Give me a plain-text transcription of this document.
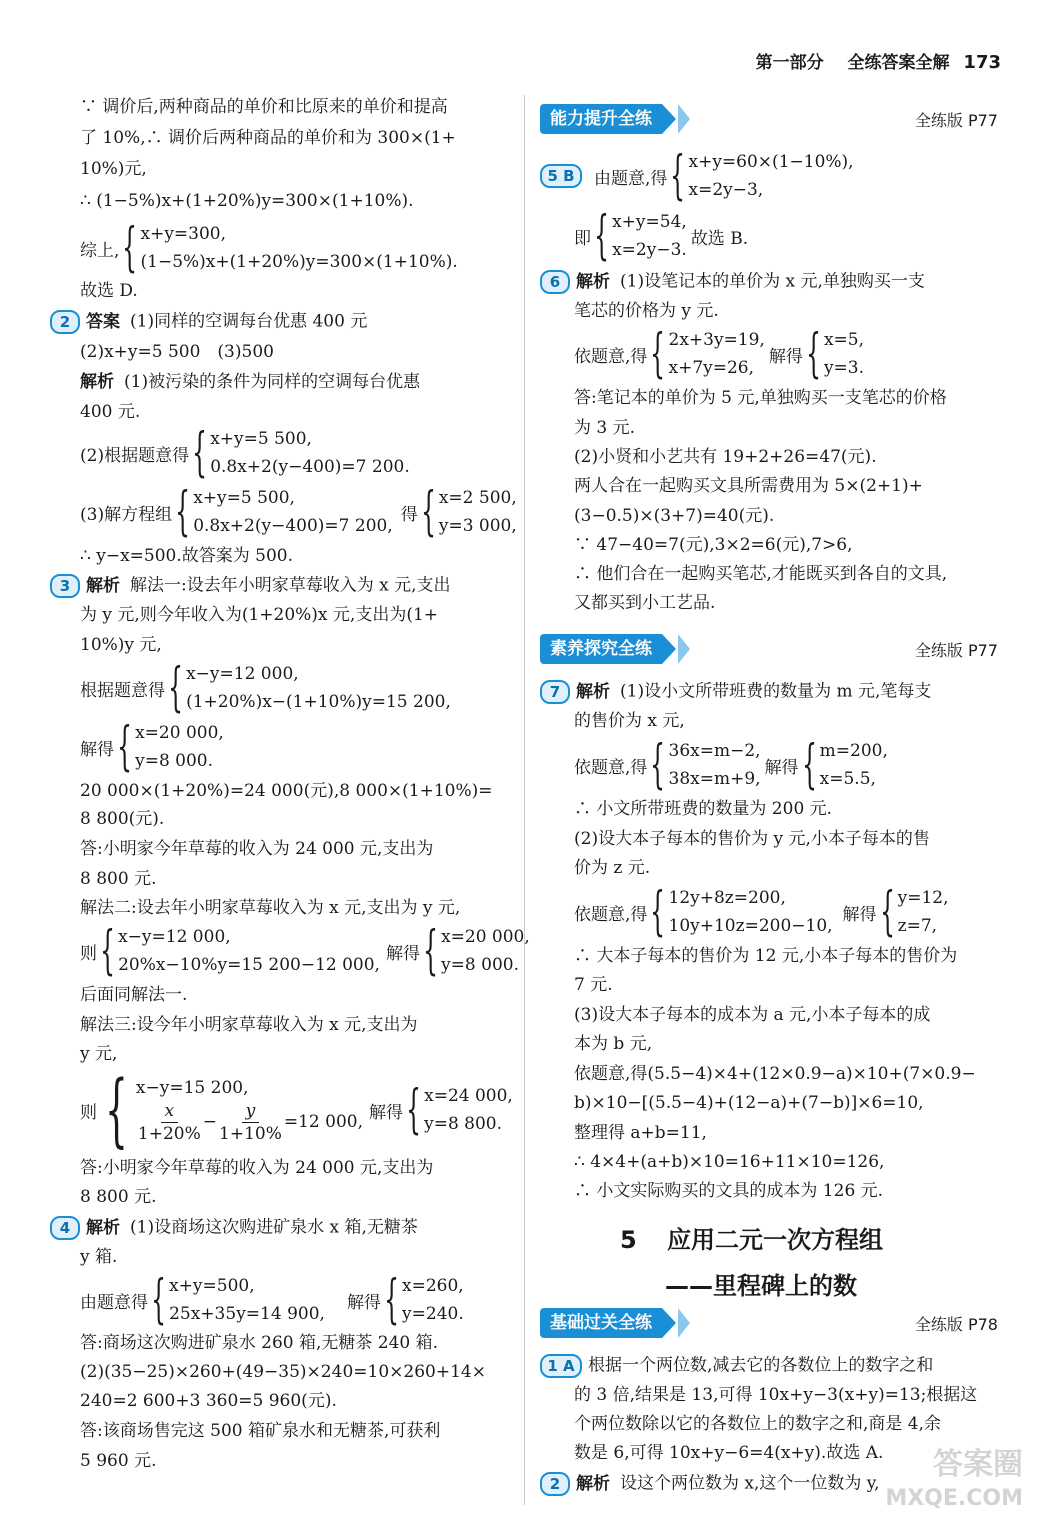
第一部分 全练答案全解 173
∵ 调价后,两种商品的单价和比原来的单价和提高
了 10%,∴ 调价后两种商品的单价和为 300×(1+
10%)元,
∴ (1−5%)x+(1+20%)y=300×(1+10%).
综上, { x+y=300,
(1−5%)x+(1+20%)y=300×(1+10%).
故选 D.
2 答案 (1)同样的空调每台优惠 400 元
(2)x+y=5 500　(3)500
解析 (1)被污染的条件为同样的空调每台优惠
400 元.
(2)根据题意得 { x+y=5 500,
0.8x+2(y−400)=7 200.
(3)解方程组 { x+y=5 500,
0.8x+2(y−400)=7 200,
得 { x=2 500,
y=3 000,
∴ y−x=500.故答案为 500.
3 解析 解法一:设去年小明家草莓收入为 x 元,支出
为 y 元,则今年收入为(1+20%)x 元,支出为(1+
10%)y 元,
根据题意得 { x−y=12 000,
(1+20%)x−(1+10%)y=15 200,
解得 { x=20 000,
y=8 000.
20 000×(1+20%)=24 000(元),8 000×(1+10%)=
8 800(元).
答:小明家今年草莓的收入为 24 000 元,支出为
8 800 元.
解法二:设去年小明家草莓收入为 x 元,支出为 y 元,
则 { x−y=12 000,
20%x−10%y=15 200−12 000,
解得 { x=20 000,
y=8 000.
后面同解法一.
解法三:设今年小明家草莓收入为 x 元,支出为
y 元,
则 { x−y=15 200,
$\frac{x}{1+20\%} - \frac{y}{1+10\%} =12$ 000, 解得 { x=24 000,
y=8 800.
答:小明家今年草莓的收入为 24 000 元,支出为
8 800 元.
4 解析 (1)设商场这次购进矿泉水 x 箱,无糖茶
y 箱.
由题意得 { x+y=500,
25x+35y=14 900,
解得 { x=260,
y=240.
答:商场这次购进矿泉水 260 箱,无糖茶 240 箱.
(2)(35−25)×260+(49−35)×240=10×260+14×
240=2 600+3 360=5 960(元).
答:该商场售完这 500 箱矿泉水和无糖茶,可获利
5 960 元.
能力提升全练	全练版 P77
5 B	由题意,得 { x+y=60×(1−10%),
x=2y−3,
即 { x+y=54,
x=2y−3.
故选 B.
6 解析 (1)设笔记本的单价为 x 元,单独购买一支
笔芯的价格为 y 元.
依题意,得 { 2x+3y=19,
x+7y=26,
解得 { x=5,
y=3.
答:笔记本的单价为 5 元,单独购买一支笔芯的价格
为 3 元.
(2)小贤和小艺共有 19+2+26=47(元).
两人合在一起购买文具所需费用为 5×(2+1)+
(3−0.5)×(3+7)=40(元).
∵ 47−40=7(元),3×2=6(元),7>6,
∴ 他们合在一起购买笔芯,才能既买到各自的文具,
又都买到小工艺品.
素养探究全练	全练版 P77
7 解析 (1)设小文所带班费的数量为 m 元,笔每支
的售价为 x 元,
依题意,得 { 36x=m−2,
38x=m+9,
解得 { m=200,
x=5.5,
∴ 小文所带班费的数量为 200 元.
(2)设大本子每本的售价为 y 元,小本子每本的售
价为 z 元.
依题意,得 { 12y+8z=200,
10y+10z=200−10,
解得 { y=12,
z=7,
∴ 大本子每本的售价为 12 元,小本子每本的售价为
7 元.
(3)设大本子每本的成本为 a 元,小本子每本的成
本为 b 元,
依题意,得(5.5−4)×4+(12×0.9−a)×10+(7×0.9−
b)×10−[(5.5−4)+(12−a)+(7−b)]×6=10,
整理得 a+b=11,
∴ 4×4+(a+b)×10=16+11×10=126,
∴ 小文实际购买的文具的成本为 126 元.
5 应用二元一次方程组
——里程碑上的数
基础过关全练	全练版 P78
1 A 根据一个两位数,减去它的各数位上的数字之和
的 3 倍,结果是 13,可得 10x+y−3(x+y)=13;根据这
个两位数除以它的各数位上的数字之和,商是 4,余
数是 6,可得 10x+y−6=4(x+y).故选 A.
2 解析 设这个两位数为 x,这个一位数为 y,
答案圈
MXQE.COM
